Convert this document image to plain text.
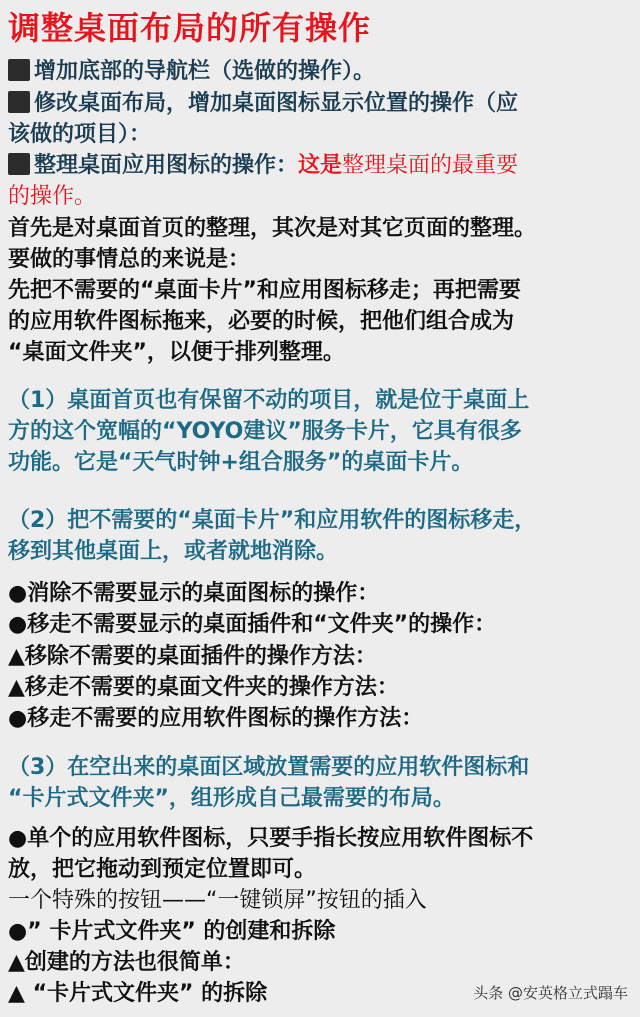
调整桌面布局的所有操作
增加底部的导航栏（选做的操作）。
修改桌面布局，增加桌面图标显示位置的操作（应
该做的项目）：
整理桌面应用图标的操作：这是整理桌面的最重要
的操作。
首先是对桌面首页的整理，其次是对其它页面的整理。
要做的事情总的来说是：
先把不需要的“桌面卡片”和应用图标移走；再把需要
的应用软件图标拖来，必要的时候，把他们组合成为
“桌面文件夹”，以便于排列整理。
（1）桌面首页也有保留不动的项目，就是位于桌面上
方的这个宽幅的“YOYO建议”服务卡片，它具有很多
功能。它是“天气时钟+组合服务”的桌面卡片。
（2）把不需要的“桌面卡片”和应用软件的图标移走，
移到其他桌面上，或者就地消除。
●消除不需要显示的桌面图标的操作：
●移走不需要显示的桌面插件和“文件夹”的操作：
▲移除不需要的桌面插件的操作方法：
▲移走不需要的桌面文件夹的操作方法：
●移走不需要的应用软件图标的操作方法：
（3）在空出来的桌面区域放置需要的应用软件图标和
“卡片式文件夹”，组形成自己最需要的布局。
●单个的应用软件图标，只要手指长按应用软件图标不
放，把它拖动到预定位置即可。
一个特殊的按钮——“一键锁屏”按钮的插入
●” 卡片式文件夹” 的创建和拆除
▲创建的方法也很简单：
▲ “卡片式文件夹” 的拆除	头条 @安英格立式蹋车
